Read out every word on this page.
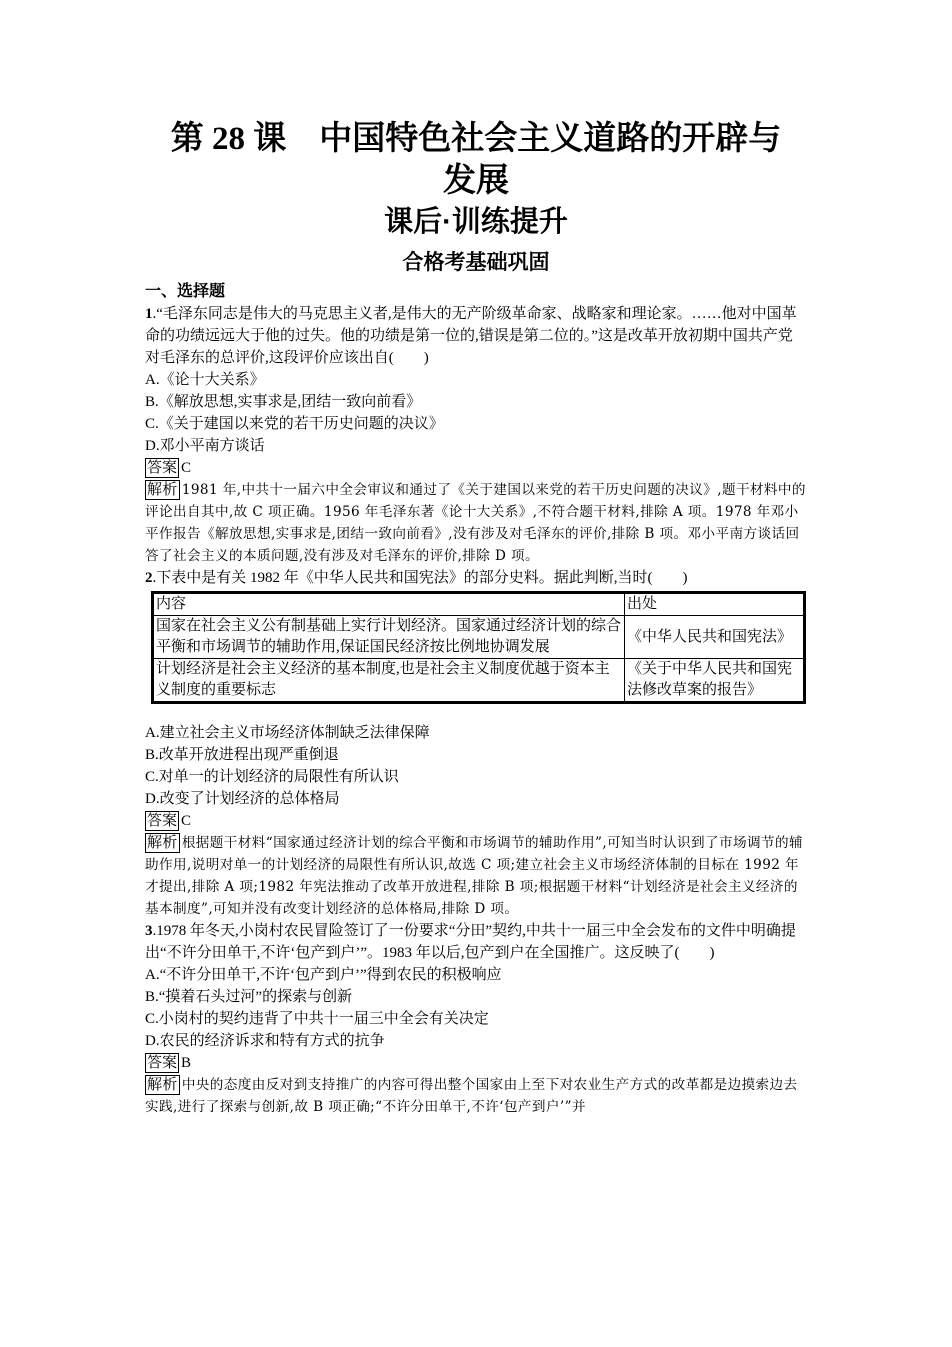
第 28 课　中国特色社会主义道路的开辟与
发展
课后·训练提升
合格考基础巩固
一、选择题

1.“毛泽东同志是伟大的马克思主义者,是伟大的无产阶级革命家、战略家和理论家。……他对中国革命的功绩远远大于他的过失。他的功绩是第一位的,错误是第二位的。”这是改革开放初期中国共产党对毛泽东的总评价,这段评价应该出自(　　)

A.《论十大关系》

B.《解放思想,实事求是,团结一致向前看》

C.《关于建国以来党的若干历史问题的决议》

D.邓小平南方谈话

答案 C

解析 1981 年,中共十一届六中全会审议和通过了《关于建国以来党的若干历史问题的决议》,题干材料中的评论出自其中,故 C 项正确。1956 年毛泽东著《论十大关系》,不符合题干材料,排除 A 项。1978 年邓小平作报告《解放思想,实事求是,团结一致向前看》,没有涉及对毛泽东的评价,排除 B 项。邓小平南方谈话回答了社会主义的本质问题,没有涉及对毛泽东的评价,排除 D 项。

2.下表中是有关 1982 年《中华人民共和国宪法》的部分史料。据此判断,当时(　　)

内容	出处
国家在社会主义公有制基础上实行计划经济。国家通过经济计划的综合平衡和市场调节的辅助作用,保证国民经济按比例地协调发展	《中华人民共和国宪法》
计划经济是社会主义经济的基本制度,也是社会主义制度优越于资本主义制度的重要标志	《关于中华人民共和国宪法修改草案的报告》

A.建立社会主义市场经济体制缺乏法律保障

B.改革开放进程出现严重倒退

C.对单一的计划经济的局限性有所认识

D.改变了计划经济的总体格局

答案 C

解析 根据题干材料“国家通过经济计划的综合平衡和市场调节的辅助作用”,可知当时认识到了市场调节的辅助作用,说明对单一的计划经济的局限性有所认识,故选 C 项;建立社会主义市场经济体制的目标在 1992 年才提出,排除 A 项;1982 年宪法推动了改革开放进程,排除 B 项;根据题干材料“计划经济是社会主义经济的基本制度”,可知并没有改变计划经济的总体格局,排除 D 项。

3.1978 年冬天,小岗村农民冒险签订了一份要求“分田”契约,中共十一届三中全会发布的文件中明确提出“不许分田单干,不许‘包产到户’”。1983 年以后,包产到户在全国推广。这反映了(　　)

A.“不许分田单干,不许‘包产到户’”得到农民的积极响应

B.“摸着石头过河”的探索与创新

C.小岗村的契约违背了中共十一届三中全会有关决定

D.农民的经济诉求和特有方式的抗争

答案 B

解析 中央的态度由反对到支持推广的内容可得出整个国家由上至下对农业生产方式的改革都是边摸索边去实践,进行了探索与创新,故 B 项正确;“不许分田单干,不许‘包产到户’”并
